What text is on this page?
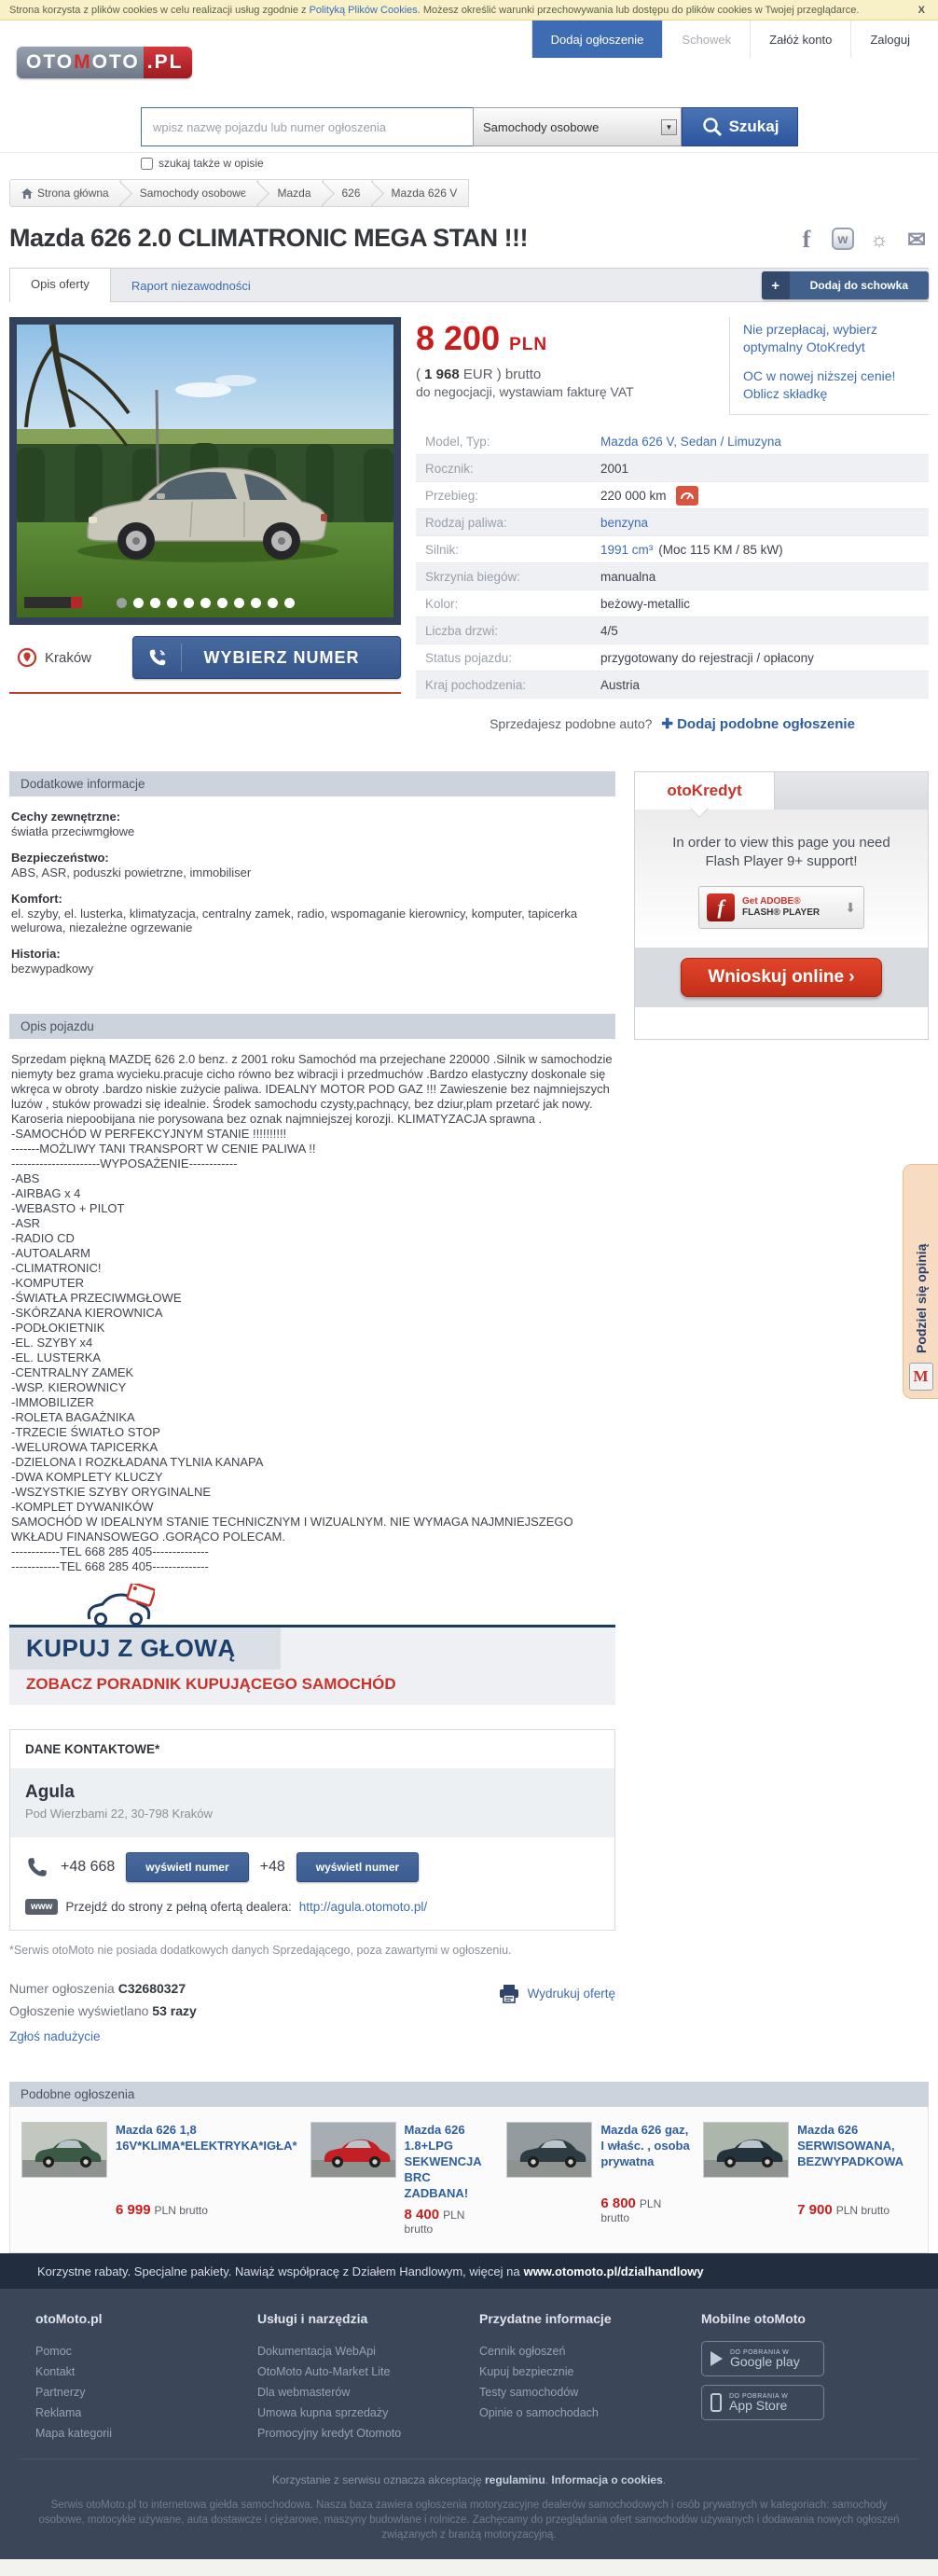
Strona korzysta z plików cookies w celu realizacji usług zgodnie z Polityką Plików Cookies. Możesz określić warunki przechowywania lub dostępu do plików cookies w Twojej przeglądarce.	X
OTO M OTO .PL
Dodaj ogłoszenie	Schowek	Załóż konto	Zaloguj
wpisz nazwę pojazdu lub numer ogłoszenia
Samochody osobowe	▼	Szukaj
szukaj także w opisie
Strona główna	Samochody osobowe	Mazda	626	Mazda 626 V
Mazda 626 2.0 CLIMATRONIC MEGA STAN !!!	f	w ☼ ✉
Opis oferty	Raport niezawodności	+	Dodaj do schowka
Kraków	WYBIERZ NUMER
8 200 PLN
( 1 968 EUR ) brutto
do negocjacji, wystawiam fakturę VAT
Nie przepłacaj, wybierz optymalny OtoKredyt
OC w nowej niższej cenie!
Oblicz składkę
Model, Typ:	Mazda 626 V, Sedan / Limuzyna
Rocznik:	2001
Przebieg:	220 000 km
Rodzaj paliwa:	benzyna
Silnik:	1991 cm³ (Moc 115 KM / 85 kW)
Skrzynia biegów:	manualna
Kolor:	beżowy-metallic
Liczba drzwi:	4/5
Status pojazdu:	przygotowany do rejestracji / opłacony
Kraj pochodzenia:	Austria
Sprzedajesz podobne auto? ✚ Dodaj podobne ogłoszenie
Dodatkowe informacje
Cechy zewnętrzne:
światła przeciwmgłowe
Bezpieczeństwo:
ABS, ASR, poduszki powietrzne, immobiliser
Komfort:
el. szyby, el. lusterka, klimatyzacja, centralny zamek, radio, wspomaganie kierownicy, komputer, tapicerka welurowa, niezależne ogrzewanie
Historia:
bezwypadkowy
Opis pojazdu
Sprzedam piękną MAZDĘ 626 2.0 benz. z 2001 roku Samochód ma przejechane 220000 .Silnik w samochodzie niemyty bez grama wycieku.pracuje cicho równo bez wibracji i przedmuchów .Bardzo elastyczny doskonale się wkręca w obroty .bardzo niskie zużycie paliwa. IDEALNY MOTOR POD GAZ !!! Zawieszenie bez najmniejszych luzów , stuków prowadzi się idealnie. Środek samochodu czysty,pachnący, bez dziur,plam przetarć jak nowy. Karoseria niepoobijana nie porysowana bez oznak najmniejszej korozji. KLIMATYZACJA sprawna .
-SAMOCHÓD W PERFEKCYJNYM STANIE !!!!!!!!!!
-------MOŻLIWY TANI TRANSPORT W CENIE PALIWA !!
----------------------WYPOSAŻENIE------------
-ABS
-AIRBAG x 4
-WEBASTO + PILOT
-ASR
-RADIO CD
-AUTOALARM
-CLIMATRONIC!
-KOMPUTER
-ŚWIATŁA PRZECIWMGŁOWE
-SKÓRZANA KIEROWNICA
-PODŁOKIETNIK
-EL. SZYBY x4
-EL. LUSTERKA
-CENTRALNY ZAMEK
-WSP. KIEROWNICY
-IMMOBILIZER
-ROLETA BAGAŻNIKA
-TRZECIE ŚWIATŁO STOP
-WELUROWA TAPICERKA
-DZIELONA I ROZKŁADANA TYLNIA KANAPA
-DWA KOMPLETY KLUCZY
-WSZYSTKIE SZYBY ORYGINALNE
-KOMPLET DYWANIKÓW
SAMOCHÓD W IDEALNYM STANIE TECHNICZNYM I WIZUALNYM. NIE WYMAGA NAJMNIEJSZEGO WKŁADU FINANSOWEGO .GORĄCO POLECAM.
------------TEL 668 285 405--------------
------------TEL 668 285 405--------------
KUPUJ Z GŁOWĄ
ZOBACZ PORADNIK KUPUJĄCEGO SAMOCHÓD
DANE KONTAKTOWE*
Agula
Pod Wierzbami 22, 30-798 Kraków
+48 668	wyświetl numer	+48	wyświetl numer
www	Przejdź do strony z pełną ofertą dealera: http://agula.otomoto.pl/
*Serwis otoMoto nie posiada dodatkowych danych Sprzedającego, poza zawartymi w ogłoszeniu.
Numer ogłoszenia C32680327
Ogłoszenie wyświetlano 53 razy
Zgłoś nadużycie
Wydrukuj ofertę
otoKredyt
In order to view this page you need Flash Player 9+ support!
f	Get ADOBE®
FLASH® PLAYER ⬇
Wnioskuj online ›
Podobne ogłoszenia
Mazda 626 1,8 16V*KLIMA*ELEKTRYKA*IGŁA*
6 999 PLN brutto
Mazda 626 1.8+LPG SEKWENCJA BRC ZADBANA!
8 400 PLN brutto
Mazda 626 gaz, I właśc. , osoba prywatna
6 800 PLN brutto
Mazda 626 SERWISOWANA, BEZWYPADKOWA
7 900 PLN brutto
Korzystne rabaty. Specjalne pakiety. Nawiąż współpracę z Działem Handlowym, więcej na www.otomoto.pl/dzialhandlowy
otoMoto.pl
Pomoc
Kontakt
Partnerzy
Reklama
Mapa kategorii
Usługi i narzędzia
Dokumentacja WebApi
OtoMoto Auto-Market Lite
Dla webmasterów
Umowa kupna sprzedaży
Promocyjny kredyt Otomoto
Przydatne informacje
Cennik ogłoszeń
Kupuj bezpiecznie
Testy samochodów
Opinie o samochodach
Mobilne otoMoto
DO POBRANIA W
Google play
DO POBRANIA W
App Store
Korzystanie z serwisu oznacza akceptację regulaminu. Informacja o cookies.
Serwis otoMoto.pl to internetowa giełda samochodowa. Nasza baza zawiera ogłoszenia motoryzacyjne dealerów samochodowych i osób prywatnych w kategoriach: samochody osobowe, motocykle używane, auta dostawcze i ciężarowe, maszyny budowlane i rolnicze. Zachęcamy do przeglądania ofert samochodów używanych i dodawania nowych ogłoszeń związanych z branżą motoryzacyjną.
Podziel się opinią
M
